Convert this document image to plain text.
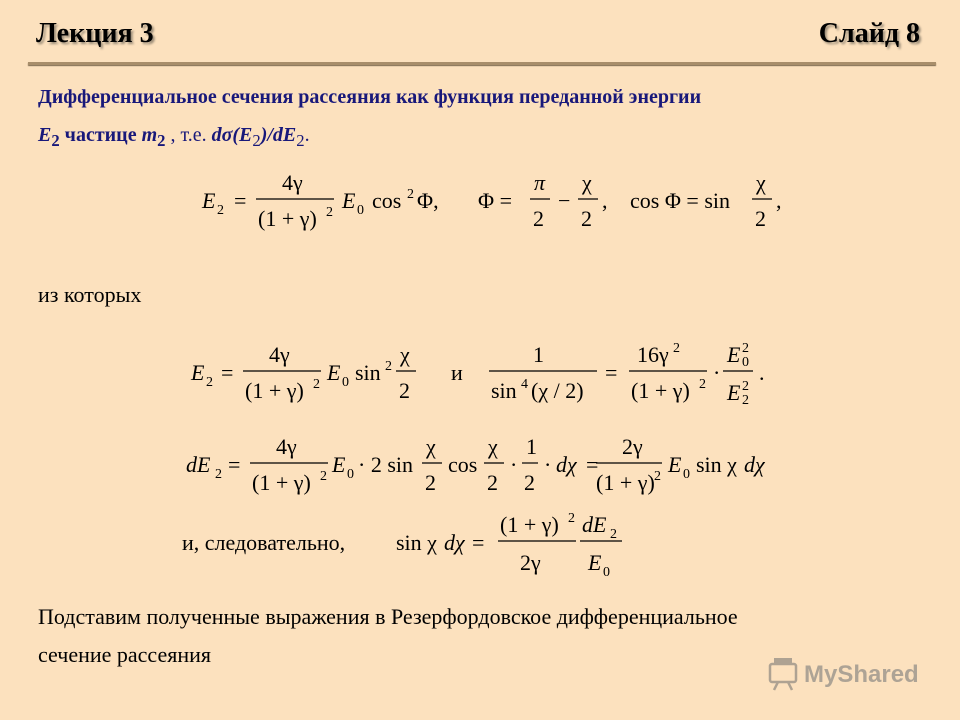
Лекция 3	Слайд 8
Дифференциальное сечения рассеяния как функция переданной энергии
$E_2$ частице $m_2$ , т.е. $d\sigma(E_2)/dE_2$.
E 2 =
4γ
(1 + γ) 2 E 0 cos 2 Φ, Φ =
π
2
−
χ
2
, cos Φ = sin
χ
2
,
из которых
E 2 =
4γ
(1 + γ) 2 E 0 sin 2 χ
2
и
1
sin 4 (χ / 2)
=
16γ 2
(1 + γ) 2 ·
E 2
0
E 2
2
.
dE 2 =
4γ
(1 + γ) 2 E 0 · 2 sin
χ
2
cos
χ
2
·
1
2
· dχ =
2γ
(1 + γ) 2 E 0 sin χ dχ
и, следовательно, sin χ dχ =
(1 + γ) 2
2γ
dE 2
E 0
Подставим полученные выражения в Резерфордовское дифференциальное
сечение рассеяния
MyShared
